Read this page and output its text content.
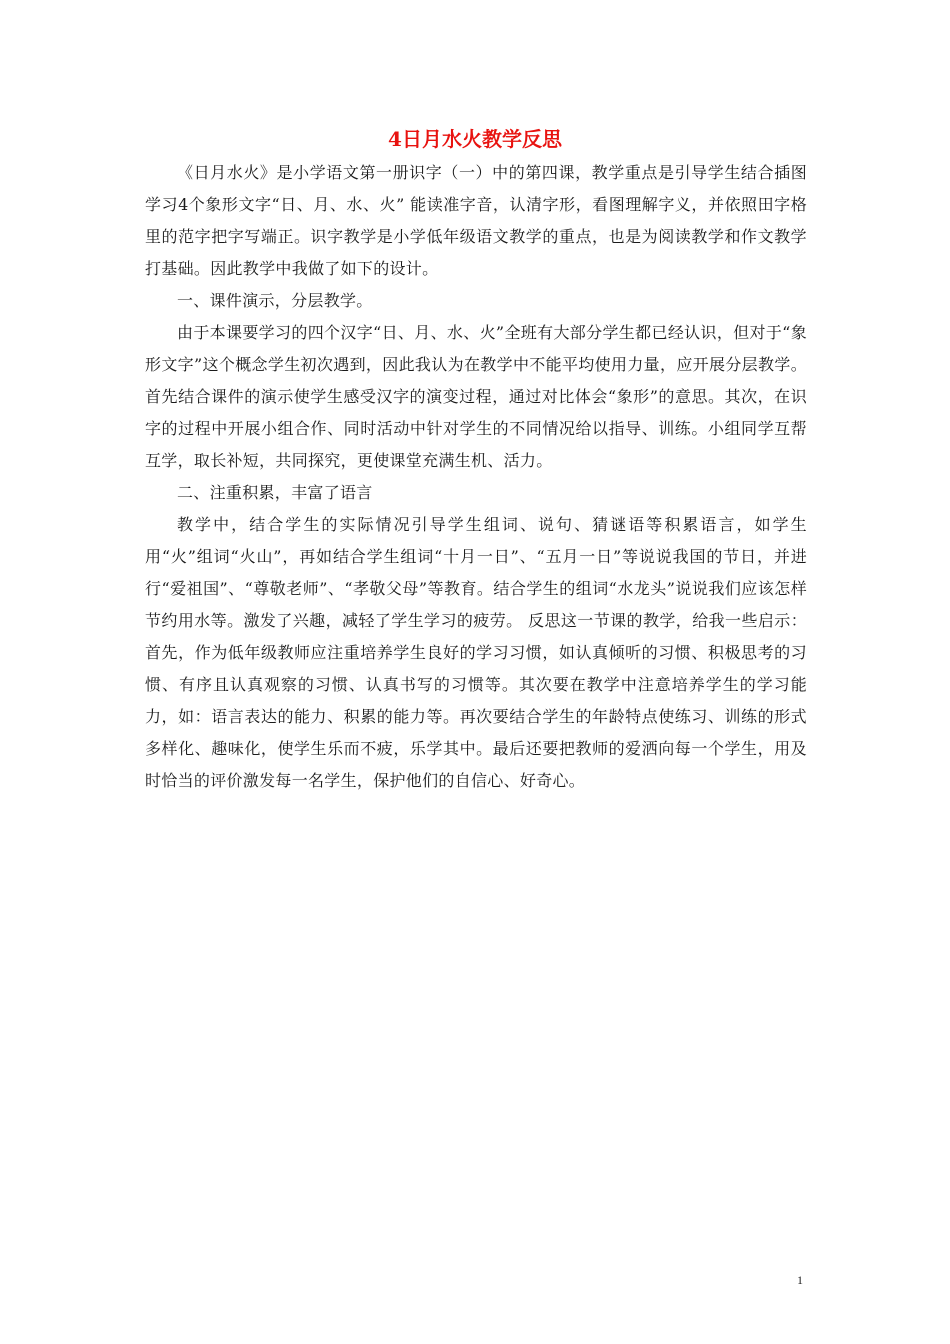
4日月水火教学反思

《日月水火》是小学语文第一册识字（一）中的第四课，教学重点是引导学生结合插图学习4个象形文字“日、月、水、火” 能读准字音，认清字形，看图理解字义，并依照田字格里的范字把字写端正。识字教学是小学低年级语文教学的重点，也是为阅读教学和作文教学打基础。因此教学中我做了如下的设计。

一、课件演示，分层教学。

由于本课要学习的四个汉字“日、月、水、火”全班有大部分学生都已经认识，但对于“象形文字”这个概念学生初次遇到，因此我认为在教学中不能平均使用力量，应开展分层教学。首先结合课件的演示使学生感受汉字的演变过程，通过对比体会“象形”的意思。其次，在识字的过程中开展小组合作、同时活动中针对学生的不同情况给以指导、训练。小组同学互帮互学，取长补短，共同探究，更使课堂充满生机、活力。

二、注重积累，丰富了语言

教学中，结合学生的实际情况引导学生组词、说句、猜谜语等积累语言，如学生用“火”组词“火山”，再如结合学生组词“十月一日”、“五月一日”等说说我国的节日，并进行“爱祖国”、“尊敬老师”、“孝敬父母”等教育。结合学生的组词“水龙头”说说我们应该怎样节约用水等。激发了兴趣，减轻了学生学习的疲劳。 反思这一节课的教学，给我一些启示：首先，作为低年级教师应注重培养学生良好的学习习惯，如认真倾听的习惯、积极思考的习惯、有序且认真观察的习惯、认真书写的习惯等。其次要在教学中注意培养学生的学习能力，如：语言表达的能力、积累的能力等。再次要结合学生的年龄特点使练习、训练的形式多样化、趣味化，使学生乐而不疲，乐学其中。最后还要把教师的爱洒向每一个学生，用及时恰当的评价激发每一名学生，保护他们的自信心、好奇心。

1
